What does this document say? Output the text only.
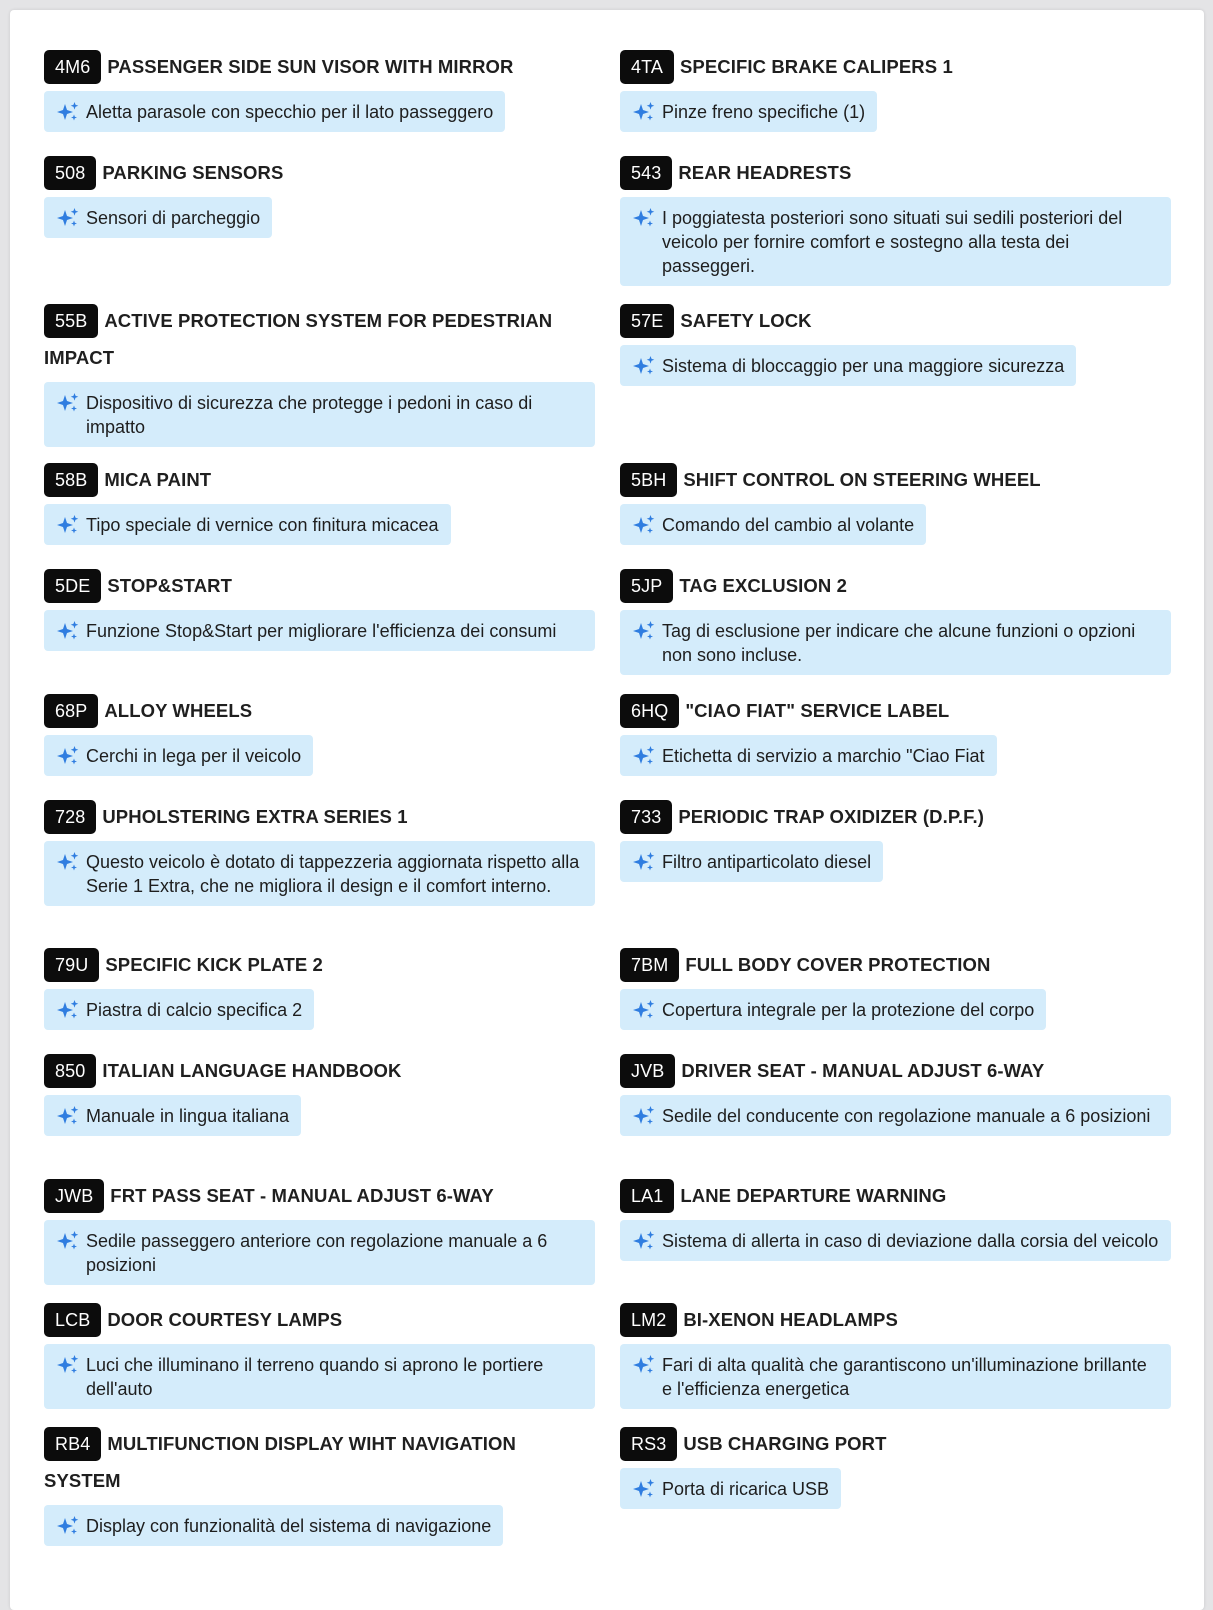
4M6 PASSENGER SIDE SUN VISOR WITH MIRROR
Aletta parasole con specchio per il lato passeggero
508 PARKING SENSORS
Sensori di parcheggio
55B ACTIVE PROTECTION SYSTEM FOR PEDESTRIAN IMPACT
Dispositivo di sicurezza che protegge i pedoni in caso di impatto
58B MICA PAINT
Tipo speciale di vernice con finitura micacea
5DE STOP&START
Funzione Stop&Start per migliorare l'efficienza dei consumi
68P ALLOY WHEELS
Cerchi in lega per il veicolo
728 UPHOLSTERING EXTRA SERIES 1
Questo veicolo è dotato di tappezzeria aggiornata rispetto alla Serie 1 Extra, che ne migliora il design e il comfort interno.
79U SPECIFIC KICK PLATE 2
Piastra di calcio specifica 2
850 ITALIAN LANGUAGE HANDBOOK
Manuale in lingua italiana
JWB FRT PASS SEAT - MANUAL ADJUST 6-WAY
Sedile passeggero anteriore con regolazione manuale a 6 posizioni
LCB DOOR COURTESY LAMPS
Luci che illuminano il terreno quando si aprono le portiere dell'auto
RB4 MULTIFUNCTION DISPLAY WIHT NAVIGATION SYSTEM
Display con funzionalità del sistema di navigazione
4TA SPECIFIC BRAKE CALIPERS 1
Pinze freno specifiche (1)
543 REAR HEADRESTS
I poggiatesta posteriori sono situati sui sedili posteriori del veicolo per fornire comfort e sostegno alla testa dei passeggeri.
57E SAFETY LOCK
Sistema di bloccaggio per una maggiore sicurezza
5BH SHIFT CONTROL ON STEERING WHEEL
Comando del cambio al volante
5JP TAG EXCLUSION 2
Tag di esclusione per indicare che alcune funzioni o opzioni non sono incluse.
6HQ "CIAO FIAT" SERVICE LABEL
Etichetta di servizio a marchio "Ciao Fiat
733 PERIODIC TRAP OXIDIZER (D.P.F.)
Filtro antiparticolato diesel
7BM FULL BODY COVER PROTECTION
Copertura integrale per la protezione del corpo
JVB DRIVER SEAT - MANUAL ADJUST 6-WAY
Sedile del conducente con regolazione manuale a 6 posizioni
LA1 LANE DEPARTURE WARNING
Sistema di allerta in caso di deviazione dalla corsia del veicolo
LM2 BI-XENON HEADLAMPS
Fari di alta qualità che garantiscono un'illuminazione brillante e l'efficienza energetica
RS3 USB CHARGING PORT
Porta di ricarica USB
